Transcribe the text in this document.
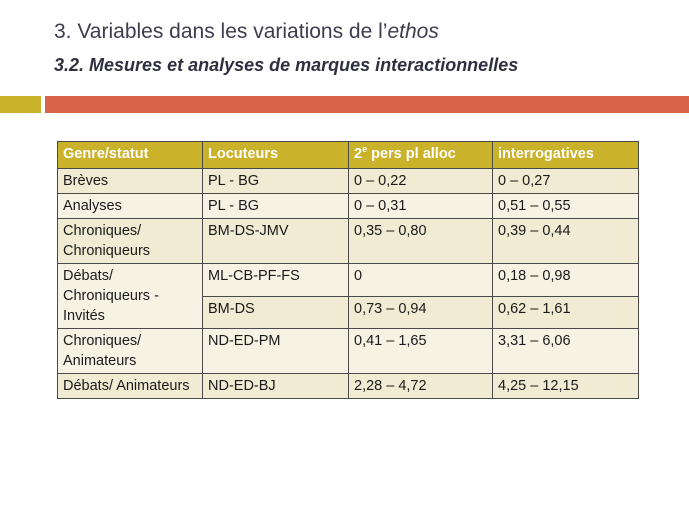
3. Variables dans les variations de l’ethos
3.2. Mesures et analyses de marques interactionnelles
Genre/statut	Locuteurs	2e pers pl alloc	interrogatives
Brèves	PL - BG	0 – 0,22	0 – 0,27
Analyses	PL - BG	0 – 0,31	0,51 – 0,55
Chroniques/ Chroniqueurs	BM-DS-JMV	0,35 – 0,80	0,39 – 0,44
Débats/ Chroniqueurs -Invités	ML-CB-PF-FS	0	0,18 – 0,98
	BM-DS	0,73 – 0,94	0,62 – 1,61
Chroniques/ Animateurs	ND-ED-PM	0,41 – 1,65	3,31 – 6,06
Débats/ Animateurs	ND-ED-BJ	2,28 – 4,72	4,25 – 12,15
